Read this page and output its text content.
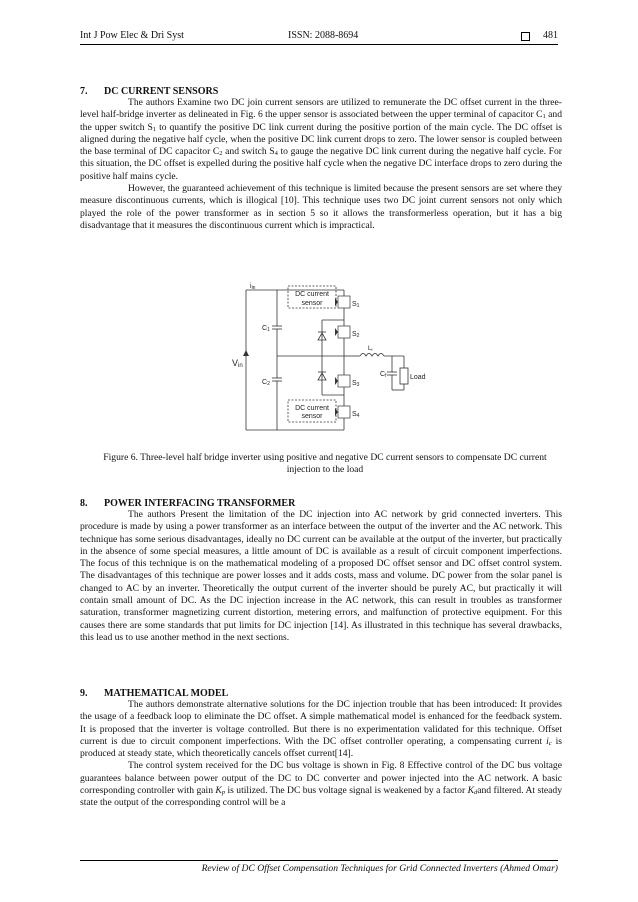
Int J Pow Elec & Dri Syst	ISSN: 2088-8694	481
7. DC CURRENT SENSORS

The authors Examine two DC join current sensors are utilized to remunerate the DC offset current in the three-level half-bridge inverter as delineated in Fig. 6 the upper sensor is associated between the upper terminal of capacitor $C_1$ and the upper switch $S_1$ to quantify the positive DC link current during the positive portion of the main cycle. The DC offset is aligned during the negative half cycle, when the positive DC link current drops to zero. The lower sensor is coupled between the base terminal of DC capacitor $C_2$ and switch $S_4$ to gauge the negative DC link current during the negative half cycle. For this situation, the DC offset is expelled during the positive half cycle when the negative DC interface drops to zero during the positive half mains cycle.

However, the guaranteed achievement of this technique is limited because the present sensors are set where they measure discontinuous currents, which is illogical [10]. This technique uses two DC joint current sensors not only which played the role of the power transformer as in section 5 so it allows the transformerless operation, but it has a big disadvantage that it measures the discontinuous current which is impractical.

iin
Vin
C1
C2
S1
S2
S3
S4
Lf
Cf	Load
DC current
sensor
DC current
sensor
Figure 6. Three-level half bridge inverter using positive and negative DC current sensors to compensate DC current injection to the load
8. POWER INTERFACING TRANSFORMER

The authors Present the limitation of the DC injection into AC network by grid connected inverters. This procedure is made by using a power transformer as an interface between the output of the inverter and the AC network. This technique has some serious disadvantages, ideally no DC current can be available at the output of the inverter, but practically in the absence of some special measures, a little amount of DC is available as a result of circuit component imperfections. The focus of this technique is on the mathematical modeling of a proposed DC offset sensor and DC offset control system. The disadvantages of this technique are power losses and it adds costs, mass and volume. DC power from the solar panel is changed to AC by an inverter. Theoretically the output current of the inverter should be purely AC, but practically it will contain small amount of DC. As the DC injection increase in the AC network, this can result in troubles as transformer saturation, transformer magnetizing current distortion, metering errors, and malfunction of protective equipment. For this causes there are some standards that put limits for DC injection [14]. As illustrated in this technique has several drawbacks, this lead us to use another method in the next sections.

9. MATHEMATICAL MODEL

The authors demonstrate alternative solutions for the DC injection trouble that has been introduced: It provides the usage of a feedback loop to eliminate the DC offset. A simple mathematical model is enhanced for the feedback system. It is proposed that the inverter is voltage controlled. But there is no experimentation validated for this technique. Offset current is due to circuit component imperfections. With the DC offset controller operating, a compensating current $i_c$ is produced at steady state, which theoretically cancels offset current[14].

The control system received for the DC bus voltage is shown in Fig. 8 Effective control of the DC bus voltage guarantees balance between power output of the DC to DC converter and power injected into the AC network. A basic corresponding controller with gain $K_p$ is utilized. The DC bus voltage signal is weakened by a factor $K_dand$ filtered. At steady state the output of the corresponding control will be a

Review of DC Offset Compensation Techniques for Grid Connected Inverters (Ahmed Omar)
